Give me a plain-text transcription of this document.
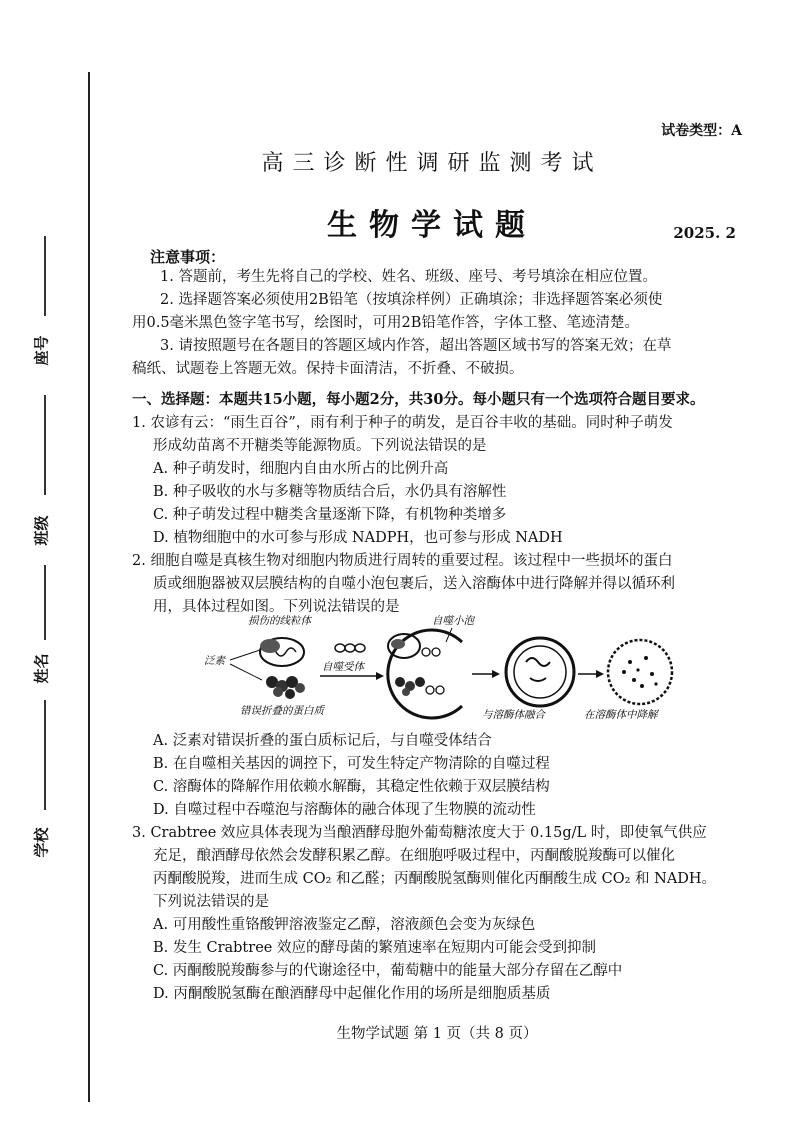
座号
班级
姓名
学校
试卷类型：A
高三诊断性调研监测考试
生物学试题	2025. 2
注意事项：
1. 答题前，考生先将自己的学校、姓名、班级、座号、考号填涂在相应位置。
2. 选择题答案必须使用2B铅笔（按填涂样例）正确填涂；非选择题答案必须使
用0.5毫米黑色签字笔书写，绘图时，可用2B铅笔作答，字体工整、笔迹清楚。
3. 请按照题号在各题目的答题区域内作答，超出答题区域书写的答案无效；在草
稿纸、试题卷上答题无效。保持卡面清洁，不折叠、不破损。
一、选择题：本题共15小题，每小题2分，共30分。每小题只有一个选项符合题目要求。
1. 农谚有云：“雨生百谷”，雨有利于种子的萌发，是百谷丰收的基础。同时种子萌发
形成幼苗离不开糖类等能源物质。下列说法错误的是
A. 种子萌发时，细胞内自由水所占的比例升高
B. 种子吸收的水与多糖等物质结合后，水仍具有溶解性
C. 种子萌发过程中糖类含量逐渐下降，有机物种类增多
D. 植物细胞中的水可参与形成 NADPH，也可参与形成 NADH
2. 细胞自噬是真核生物对细胞内物质进行周转的重要过程。该过程中一些损坏的蛋白
质或细胞器被双层膜结构的自噬小泡包裹后，送入溶酶体中进行降解并得以循环利
用，具体过程如图。下列说法错误的是
损伤的线粒体
泛素
错误折叠的蛋白质
自噬受体
自噬小泡
与溶酶体融合	在溶酶体中降解
A. 泛素对错误折叠的蛋白质标记后，与自噬受体结合
B. 在自噬相关基因的调控下，可发生特定产物清除的自噬过程
C. 溶酶体的降解作用依赖水解酶，其稳定性依赖于双层膜结构
D. 自噬过程中吞噬泡与溶酶体的融合体现了生物膜的流动性
3. Crabtree 效应具体表现为当酿酒酵母胞外葡萄糖浓度大于 0.15g/L 时，即使氧气供应
充足，酿酒酵母依然会发酵积累乙醇。在细胞呼吸过程中，丙酮酸脱羧酶可以催化
丙酮酸脱羧，进而生成 CO₂ 和乙醛；丙酮酸脱氢酶则催化丙酮酸生成 CO₂ 和 NADH。
下列说法错误的是
A. 可用酸性重铬酸钾溶液鉴定乙醇，溶液颜色会变为灰绿色
B. 发生 Crabtree 效应的酵母菌的繁殖速率在短期内可能会受到抑制
C. 丙酮酸脱羧酶参与的代谢途径中，葡萄糖中的能量大部分存留在乙醇中
D. 丙酮酸脱氢酶在酿酒酵母中起催化作用的场所是细胞质基质
生物学试题 第 1 页（共 8 页）
